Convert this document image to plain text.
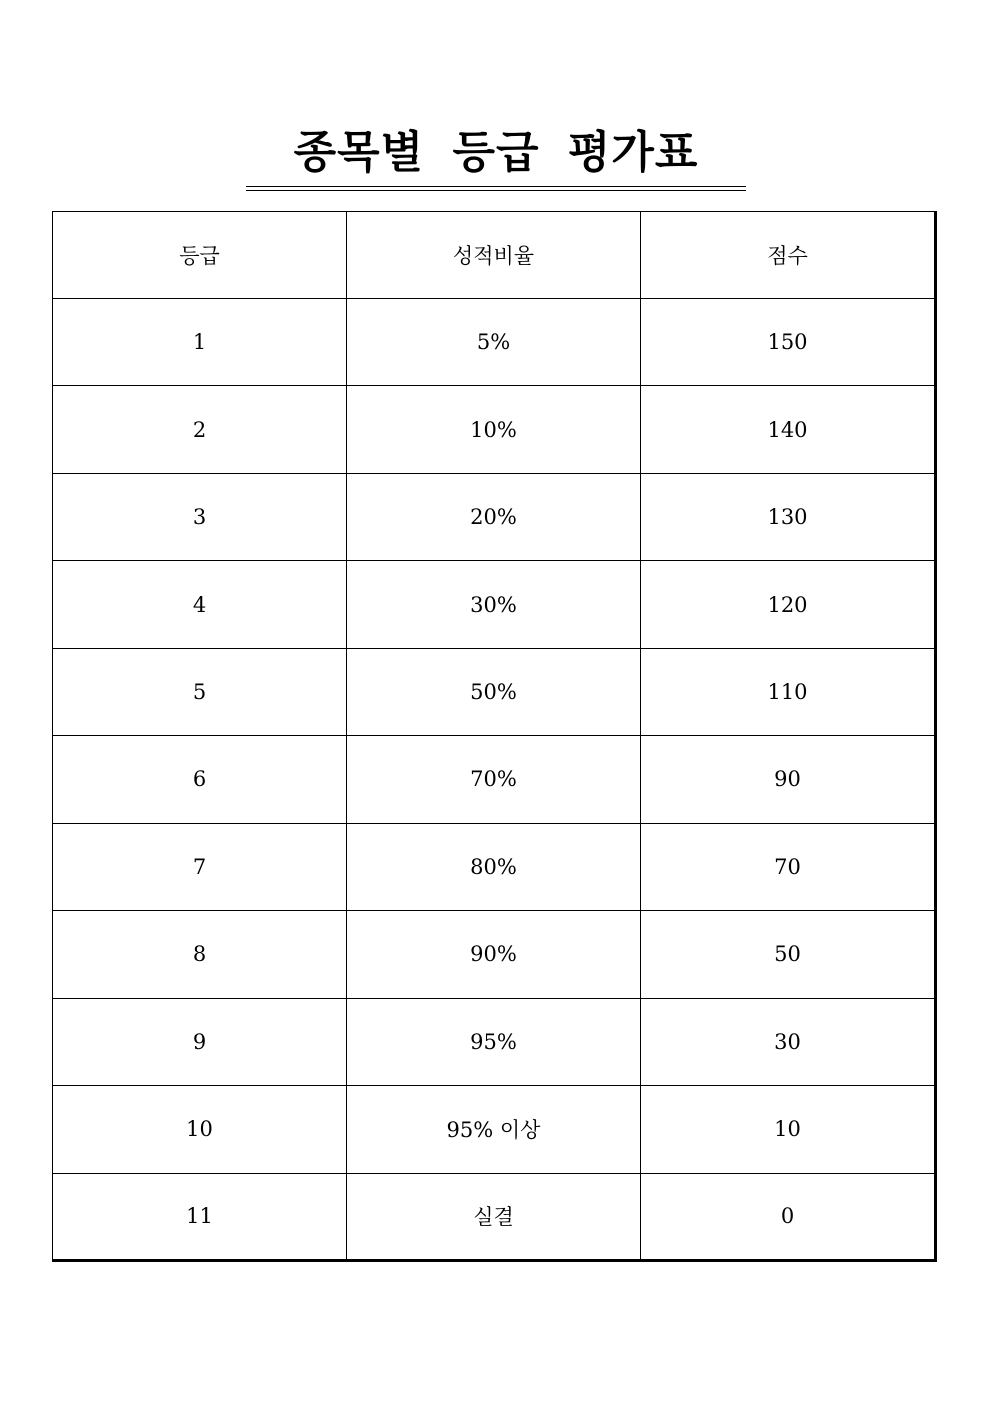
종목별 등급 평가표
등급	성적비율	점수
1	5%	150
2	10%	140
3	20%	130
4	30%	120
5	50%	110
6	70%	90
7	80%	70
8	90%	50
9	95%	30
10	95% 이상	10
11	실결	0
